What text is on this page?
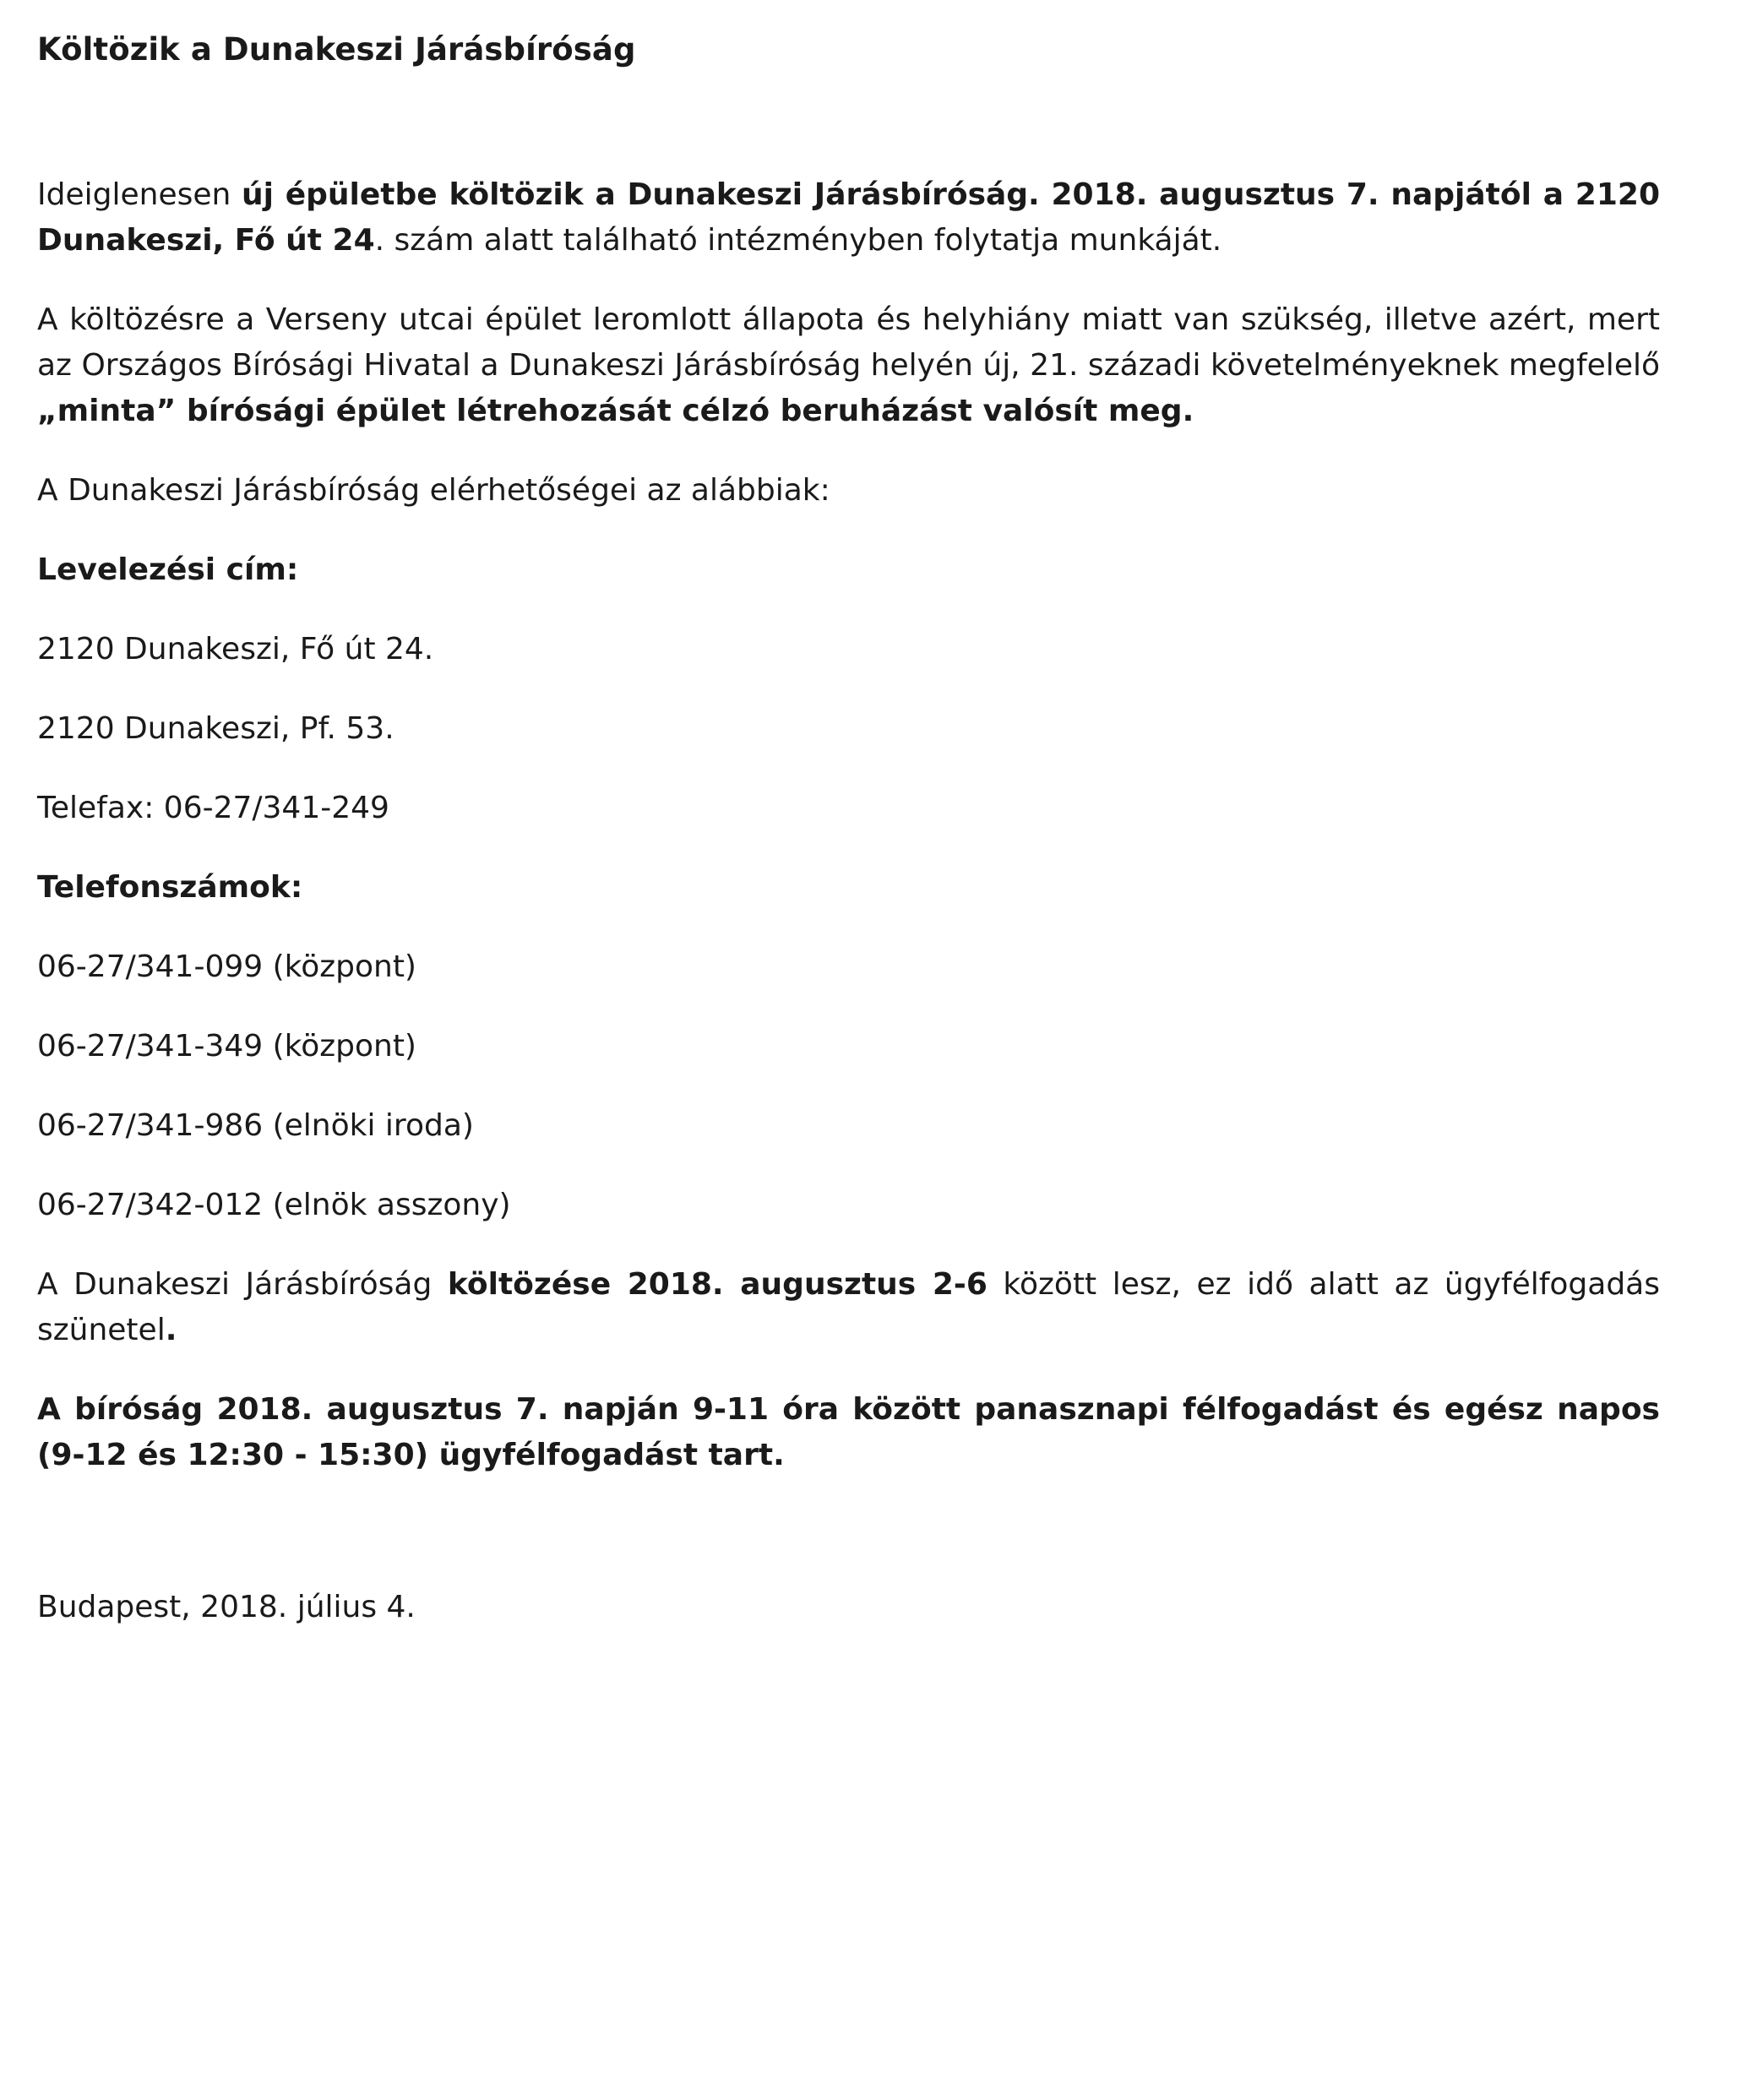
Költözik a Dunakeszi Járásbíróság

Ideiglenesen új épületbe költözik a Dunakeszi Járásbíróság. 2018. augusztus 7. napjától a 2120 Dunakeszi, Fő út 24. szám alatt található intézményben folytatja munkáját.

A költözésre a Verseny utcai épület leromlott állapota és helyhiány miatt van szükség, illetve azért, mert az Országos Bírósági Hivatal a Dunakeszi Járásbíróság helyén új, 21. századi követelményeknek megfelelő „minta” bírósági épület létrehozását célzó beruházást valósít meg.

A Dunakeszi Járásbíróság elérhetőségei az alábbiak:

Levelezési cím:
2120 Dunakeszi, Fő út 24.
2120 Dunakeszi, Pf. 53.
Telefax: 06-27/341-249
Telefonszámok:
06-27/341-099 (központ)
06-27/341-349 (központ)
06-27/341-986 (elnöki iroda)
06-27/342-012 (elnök asszony)

A Dunakeszi Járásbíróság költözése 2018. augusztus 2-6 között lesz, ez idő alatt az ügyfélfogadás szünetel.

A bíróság 2018. augusztus 7. napján 9-11 óra között panasznapi félfogadást és egész napos (9-12 és 12:30 - 15:30) ügyfélfogadást tart.

Budapest, 2018. július 4.
